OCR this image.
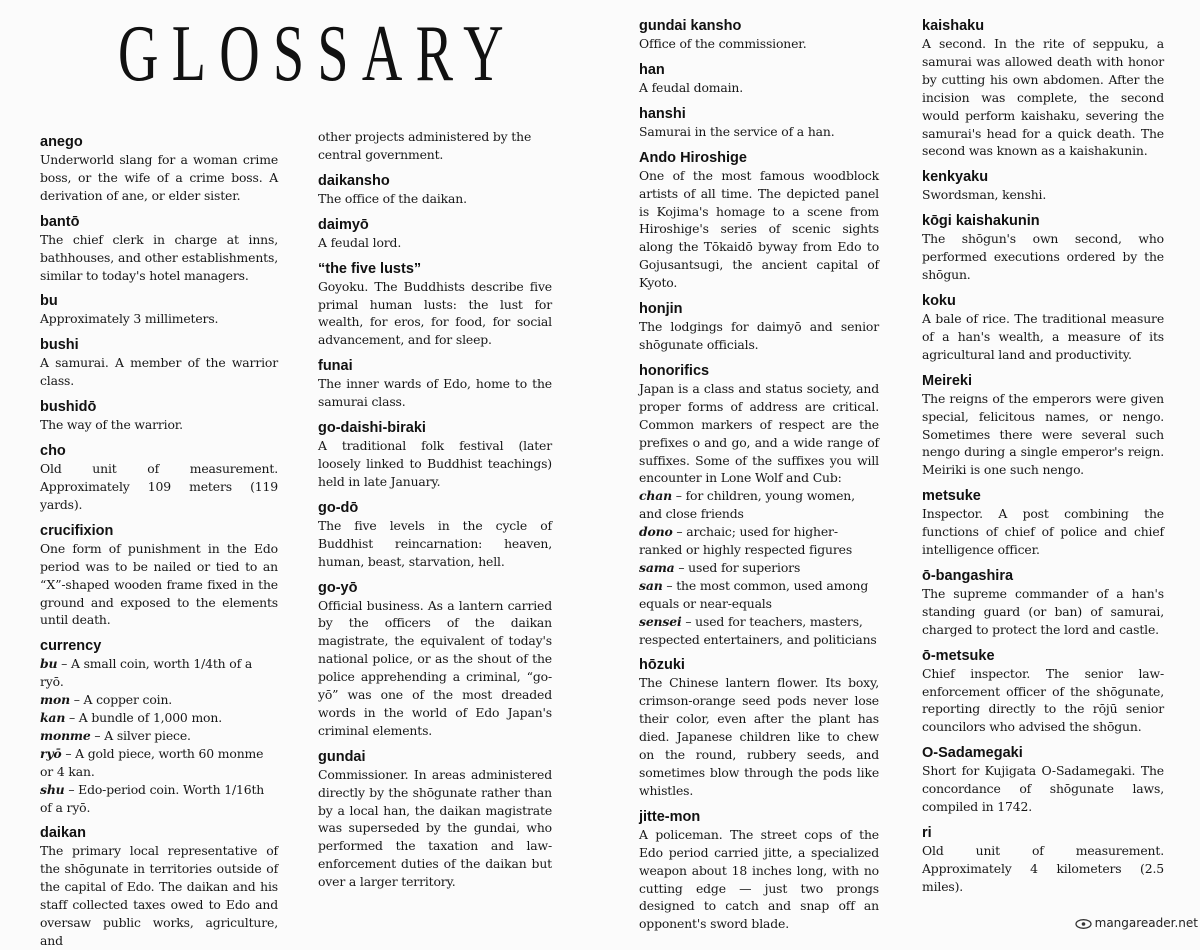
GLOSSARY

anego

Underworld slang for a woman crime boss, or the wife of a crime boss. A derivation of ane, or elder sister.

bantō

The chief clerk in charge at inns, bathhouses, and other establishments, similar to today's hotel managers.

bu

Approximately 3 millimeters.

bushi

A samurai. A member of the warrior class.

bushidō

The way of the warrior.

cho

Old unit of measurement. Approximately 109 meters (119 yards).

crucifixion

One form of punishment in the Edo period was to be nailed or tied to an “X”-shaped wooden frame fixed in the ground and exposed to the elements until death.

currency

bu – A small coin, worth 1/4th of a ryō.

mon – A copper coin.

kan – A bundle of 1,000 mon.

monme – A silver piece.

ryō – A gold piece, worth 60 monme or 4 kan.

shu – Edo-period coin. Worth 1/16th of a ryō.

daikan

The primary local representative of the shōgunate in territories outside of the capital of Edo. The daikan and his staff collected taxes owed to Edo and oversaw public works, agriculture, and

other projects administered by the central government.

daikansho

The office of the daikan.

daimyō

A feudal lord.

“the five lusts”

Goyoku. The Buddhists describe five primal human lusts: the lust for wealth, for eros, for food, for social advancement, and for sleep.

funai

The inner wards of Edo, home to the samurai class.

go-daishi-biraki

A traditional folk festival (later loosely linked to Buddhist teachings) held in late January.

go-dō

The five levels in the cycle of Buddhist reincarnation: heaven, human, beast, starvation, hell.

go-yō

Official business. As a lantern carried by the officers of the daikan magistrate, the equivalent of today's national police, or as the shout of the police apprehending a criminal, “go-yō” was one of the most dreaded words in the world of Edo Japan's criminal elements.

gundai

Commissioner. In areas administered directly by the shōgunate rather than by a local han, the daikan magistrate was superseded by the gundai, who performed the taxation and law-enforcement duties of the daikan but over a larger territory.

gundai kansho

Office of the commissioner.

han

A feudal domain.

hanshi

Samurai in the service of a han.

Ando Hiroshige

One of the most famous woodblock artists of all time. The depicted panel is Kojima's homage to a scene from Hiroshige's series of scenic sights along the Tōkaidō byway from Edo to Gojusantsugi, the ancient capital of Kyoto.

honjin

The lodgings for daimyō and senior shōgunate officials.

honorifics

Japan is a class and status society, and proper forms of address are critical. Common markers of respect are the prefixes o and go, and a wide range of suffixes. Some of the suffixes you will encounter in Lone Wolf and Cub:

chan – for children, young women, and close friends

dono – archaic; used for higher-ranked or highly respected figures

sama – used for superiors

san – the most common, used among equals or near-equals

sensei – used for teachers, masters, respected entertainers, and politicians

hōzuki

The Chinese lantern flower. Its boxy, crimson-orange seed pods never lose their color, even after the plant has died. Japanese children like to chew on the round, rubbery seeds, and sometimes blow through the pods like whistles.

jitte-mon

A policeman. The street cops of the Edo period carried jitte, a specialized weapon about 18 inches long, with no cutting edge — just two prongs designed to catch and snap off an opponent's sword blade.

kaishaku

A second. In the rite of seppuku, a samurai was allowed death with honor by cutting his own abdomen. After the incision was complete, the second would perform kaishaku, severing the samurai's head for a quick death. The second was known as a kaishakunin.

kenkyaku

Swordsman, kenshi.

kōgi kaishakunin

The shōgun's own second, who performed executions ordered by the shōgun.

koku

A bale of rice. The traditional measure of a han's wealth, a measure of its agricultural land and productivity.

Meireki

The reigns of the emperors were given special, felicitous names, or nengo. Sometimes there were several such nengo during a single emperor's reign. Meiriki is one such nengo.

metsuke

Inspector. A post combining the functions of chief of police and chief intelligence officer.

ō-bangashira

The supreme commander of a han's standing guard (or ban) of samurai, charged to protect the lord and castle.

ō-metsuke

Chief inspector. The senior law-enforcement officer of the shōgunate, reporting directly to the rōjū senior councilors who advised the shōgun.

O-Sadamegaki

Short for Kujigata O-Sadamegaki. The concordance of shōgunate laws, compiled in 1742.

ri

Old unit of measurement. Approximately 4 kilometers (2.5 miles).

mangareader.net
